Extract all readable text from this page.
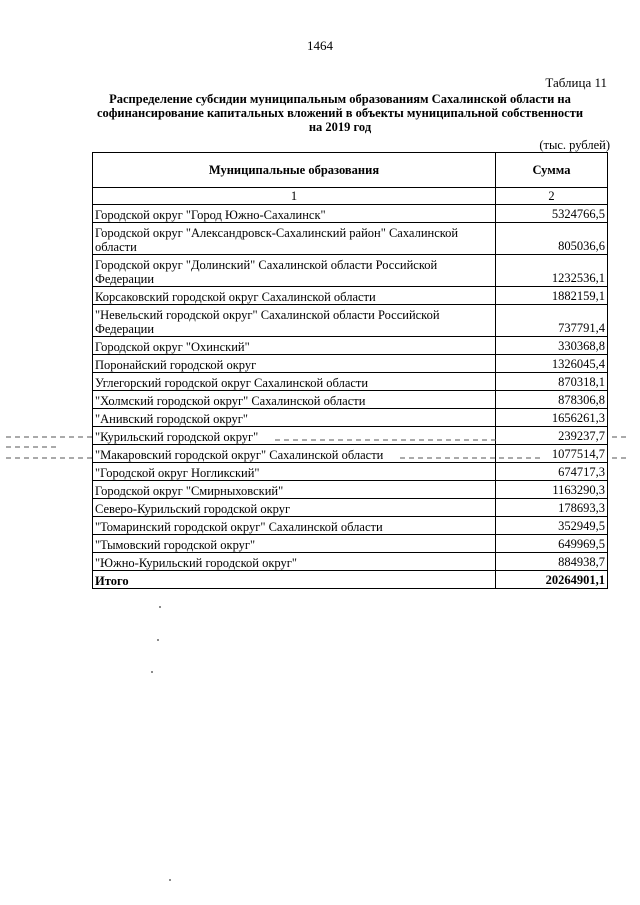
1464
Таблица 11
Распределение субсидии муниципальным образованиям Сахалинской области на софинансирование капитальных вложений в объекты муниципальной собственности на 2019 год
(тыс. рублей)
Муниципальные образования	Сумма
1	2
Городской округ "Город Южно-Сахалинск"	5324766,5
Городской округ "Александровск-Сахалинский район" Сахалинской области	805036,6
Городской округ "Долинский" Сахалинской области Российской Федерации	1232536,1
Корсаковский городской округ Сахалинской области	1882159,1
"Невельский городской округ" Сахалинской области Российской Федерации	737791,4
Городской округ "Охинский"	330368,8
Поронайский городской округ	1326045,4
Углегорский городской округ Сахалинской области	870318,1
"Холмский городской округ" Сахалинской области	878306,8
"Анивский городской округ"	1656261,3
"Курильский городской округ"	239237,7
"Макаровский городской округ" Сахалинской области	1077514,7
"Городской округ Ногликский"	674717,3
Городской округ "Смирныховский"	1163290,3
Северо-Курильский городской округ	178693,3
"Томаринский городской округ" Сахалинской области	352949,5
"Тымовский городской округ"	649969,5
"Южно-Курильский городской округ"	884938,7
Итого	20264901,1
